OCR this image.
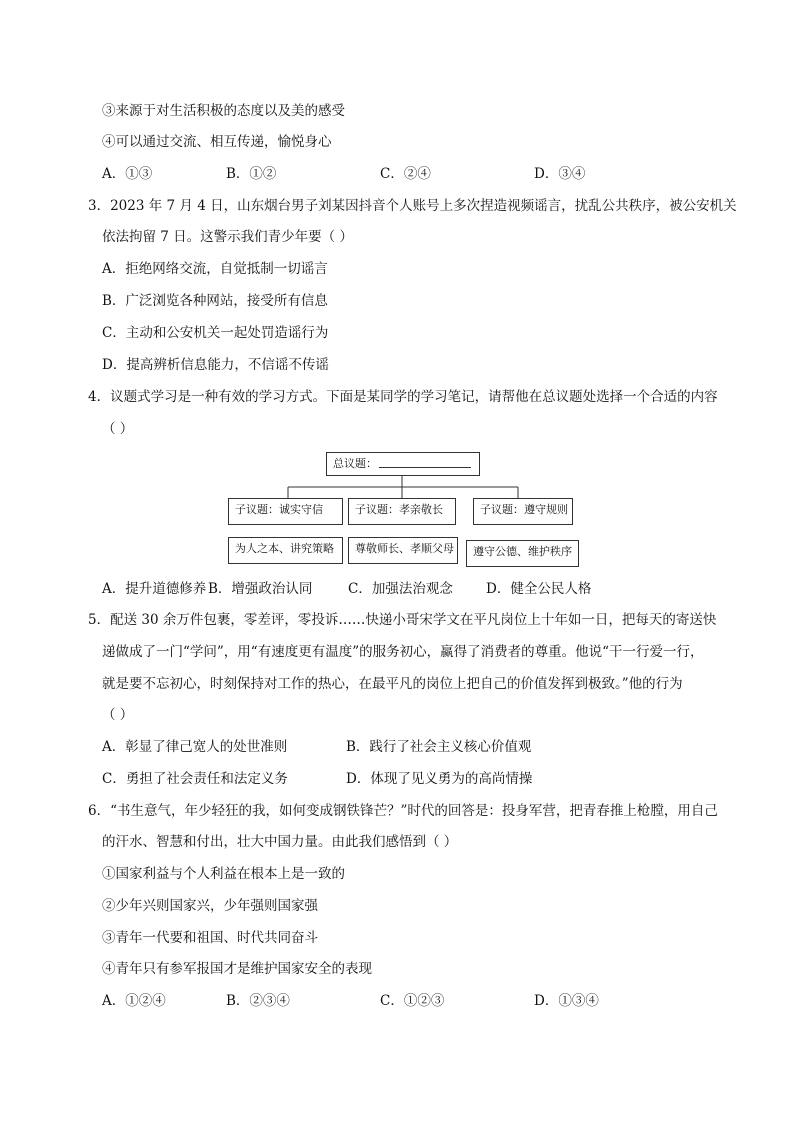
③来源于对生活积极的态度以及美的感受
④可以通过交流、相互传递，愉悦身心
A．①③	B．①②	C．②④	D．③④
3．2023 年 7 月 4 日，山东烟台男子刘某因抖音个人账号上多次捏造视频谣言，扰乱公共秩序，被公安机关
依法拘留 7 日。这警示我们青少年要（ ）
A．拒绝网络交流，自觉抵制一切谣言
B．广泛浏览各种网站，接受所有信息
C．主动和公安机关一起处罚造谣行为
D．提高辨析信息能力，不信谣不传谣
4．议题式学习是一种有效的学习方式。下面是某同学的学习笔记，请帮他在总议题处选择一个合适的内容
（ ）
总议题：
子议题：诚实守信	子议题：孝亲敬长	子议题：遵守规则
为人之本、讲究策略	尊敬师长、孝顺父母	遵守公德、维护秩序
A．提升道德修养 B．增强政治认同	C．加强法治观念 D．健全公民人格
5．配送 30 余万件包裹，零差评，零投诉……快递小哥宋学文在平凡岗位上十年如一日，把每天的寄送快
递做成了一门“学问”，用“有速度更有温度”的服务初心，赢得了消费者的尊重。他说“干一行爱一行，
就是要不忘初心，时刻保持对工作的热心，在最平凡的岗位上把自己的价值发挥到极致。”他的行为
（ ）
A．彰显了律己宽人的处世准则	B．践行了社会主义核心价值观
C．勇担了社会责任和法定义务	D．体现了见义勇为的高尚情操
6．“书生意气，年少轻狂的我，如何变成钢铁锋芒？”时代的回答是：投身军营，把青春推上枪膛，用自己
的汗水、智慧和付出，壮大中国力量。由此我们感悟到（ ）
①国家利益与个人利益在根本上是一致的
②少年兴则国家兴，少年强则国家强
③青年一代要和祖国、时代共同奋斗
④青年只有参军报国才是维护国家安全的表现
A．①②④	B．②③④	C．①②③	D．①③④
